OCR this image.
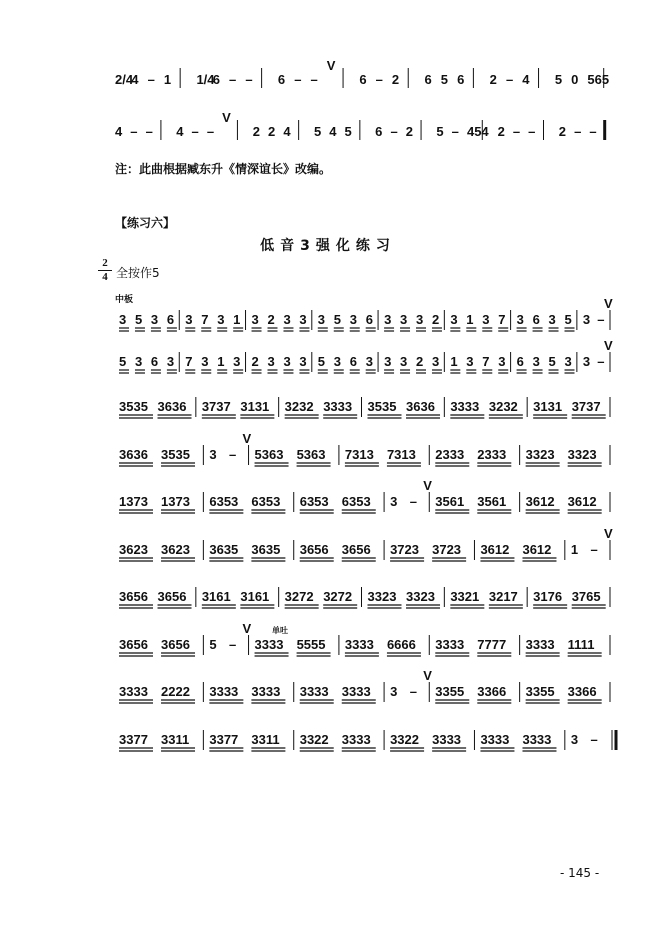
2/4
4 – 1 1/4
6 – – 6 – –
V
6 – 2 6 5 6 2 – 4 5 0 565
4 – – 4 – –
V
2 2 4 5 4 5 6 – 2 5 – 454 2 – – 2 – –
注：此曲根据臧东升《情深谊长》改编。
【练习六】
低音3强化练习
2
4 全按作5
中板
单吐
3 5 3 6 3 7 3 1 3 2 3 3 3 5 3 6 3 3 3 2 3 1 3 7 3 6 3 5 3 –
V
5 3 6 3 7 3 1 3 2 3 3 3 5 3 6 3 3 3 2 3 1 3 7 3 6 3 5 3 3 –
V
3535 3636 3737 3131 3232 3333 3535 3636 3333 3232 3131 3737
3636 3535 3 –
V
5363 5363 7313 7313 2333 2333 3323 3323
1373 1373 6353 6353 6353 6353 3 –
V
3561 3561 3612 3612
3623 3623 3635 3635 3656 3656 3723 3723 3612 3612 1 –
V
3656 3656 3161 3161 3272 3272 3323 3323 3321 3217 3176 3765
3656 3656 5 –
V
3333 5555 3333 6666 3333 7777 3333 1111
3333 2222 3333 3333 3333 3333 3 –
V
3355 3366 3355 3366
3377 3311 3377 3311 3322 3333 3322 3333 3333 3333 3 –
- 145 -
